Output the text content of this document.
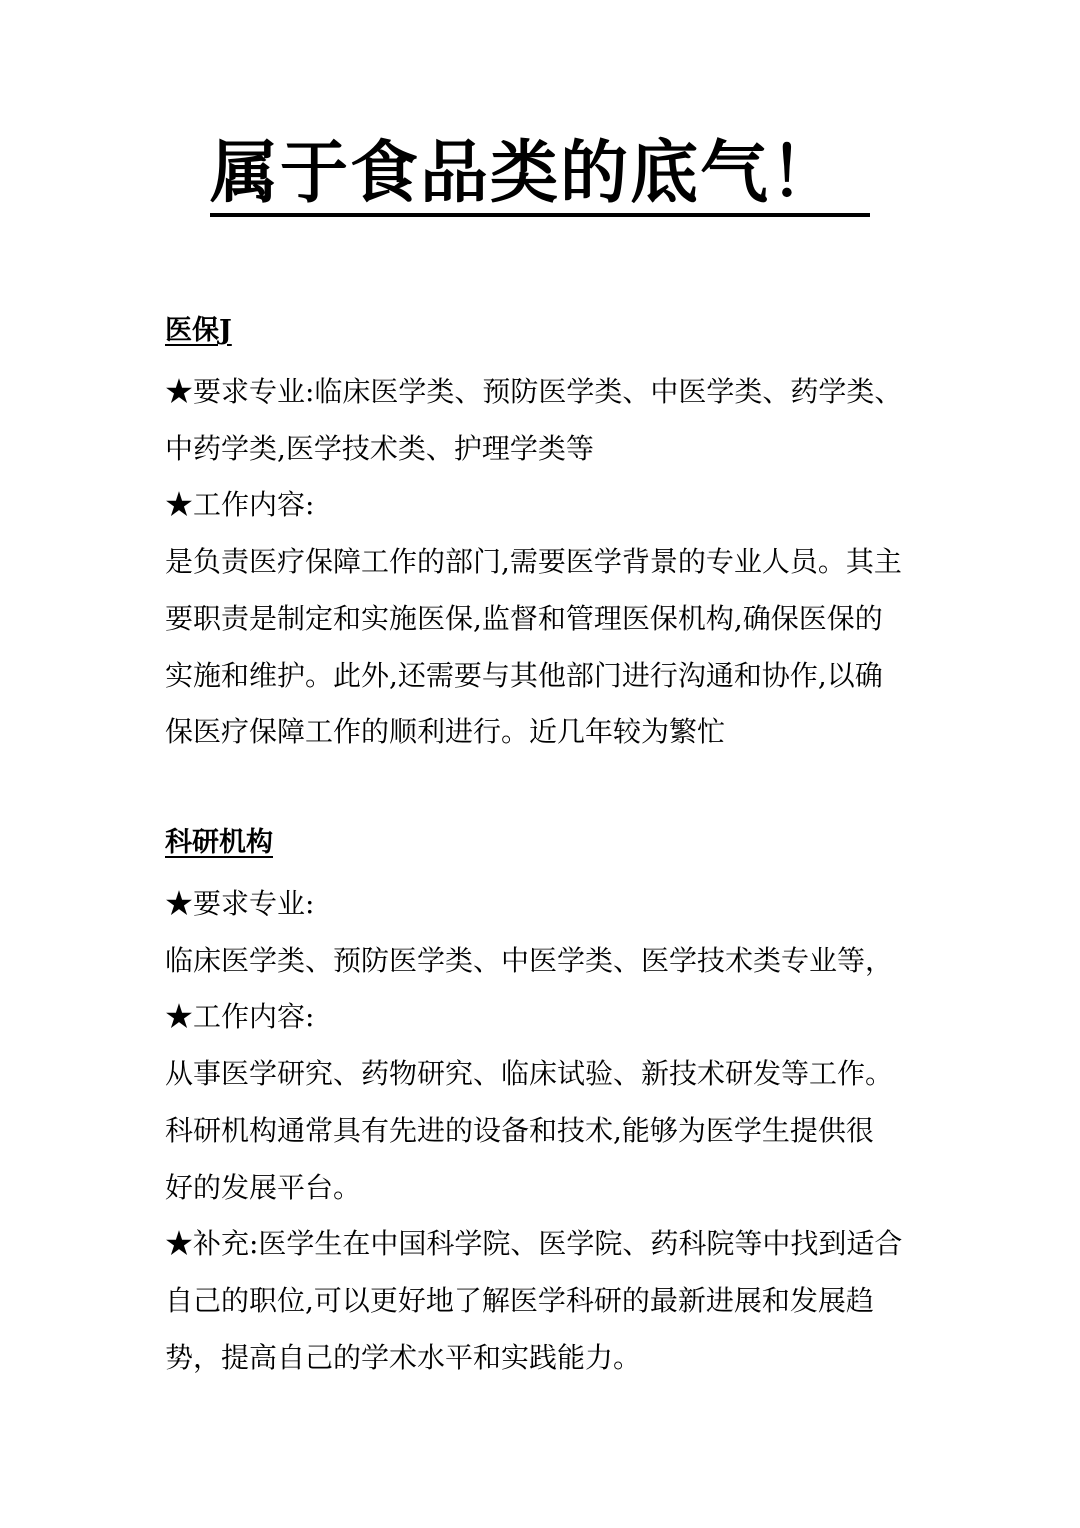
属于食品类的底气！
医保J
★要求专业:临床医学类、预防医学类、中医学类、药学类、
中药学类,医学技术类、护理学类等
★工作内容:
是负责医疗保障工作的部门,需要医学背景的专业人员。其主
要职责是制定和实施医保,监督和管理医保机构,确保医保的
实施和维护。此外,还需要与其他部门进行沟通和协作,以确
保医疗保障工作的顺利进行。近几年较为繁忙
科研机构
★要求专业:
临床医学类、预防医学类、中医学类、医学技术类专业等，
★工作内容:
从事医学研究、药物研究、临床试验、新技术研发等工作。
科研机构通常具有先进的设备和技术,能够为医学生提供很
好的发展平台。
★补充:医学生在中国科学院、医学院、药科院等中找到适合
自己的职位,可以更好地了解医学科研的最新进展和发展趋
势，提高自己的学术水平和实践能力。
